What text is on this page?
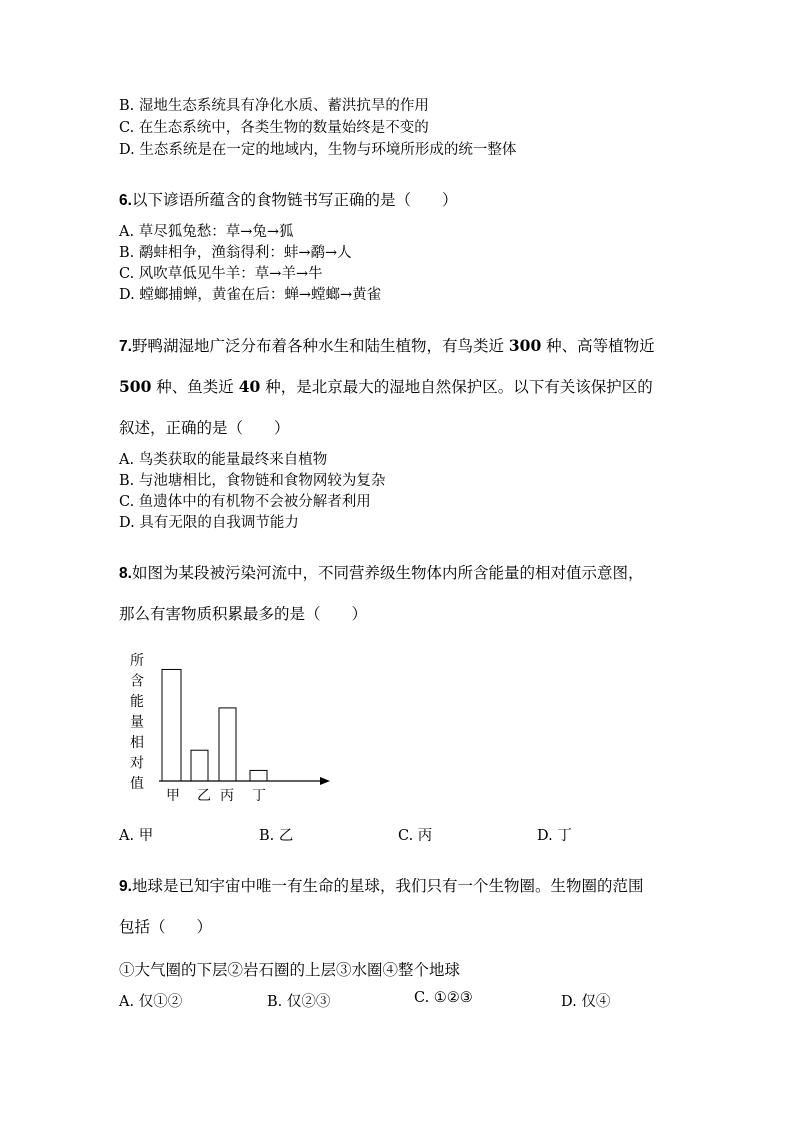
B. 湿地生态系统具有净化水质、蓄洪抗旱的作用
C. 在生态系统中，各类生物的数量始终是不变的
D. 生态系统是在一定的地域内，生物与环境所形成的统一整体
6.以下谚语所蕴含的食物链书写正确的是（　　）
A. 草尽狐兔愁：草→兔→狐
B. 鹬蚌相争，渔翁得利：蚌→鹬→人
C. 风吹草低见牛羊：草→羊→牛
D. 螳螂捕蝉，黄雀在后：蝉→螳螂→黄雀
7.野鸭湖湿地广泛分布着各种水生和陆生植物，有鸟类近 300 种、高等植物近
500 种、鱼类近 40 种，是北京最大的湿地自然保护区。以下有关该保护区的
叙述，正确的是（　　）
A. 鸟类获取的能量最终来自植物
B. 与池塘相比，食物链和食物网较为复杂
C. 鱼遗体中的有机物不会被分解者利用
D. 具有无限的自我调节能力
8.如图为某段被污染河流中，不同营养级生物体内所含能量的相对值示意图，
那么有害物质积累最多的是（　　）
所
含
能
量
相
对
值
甲 乙 丙 丁
A. 甲	B. 乙	C. 丙	D. 丁
9.地球是已知宇宙中唯一有生命的星球，我们只有一个生物圈。生物圈的范围
包括（　　）
①大气圈的下层②岩石圈的上层③水圈④整个地球
A. 仅①②	B. 仅②③	C. ①②③	D. 仅④
